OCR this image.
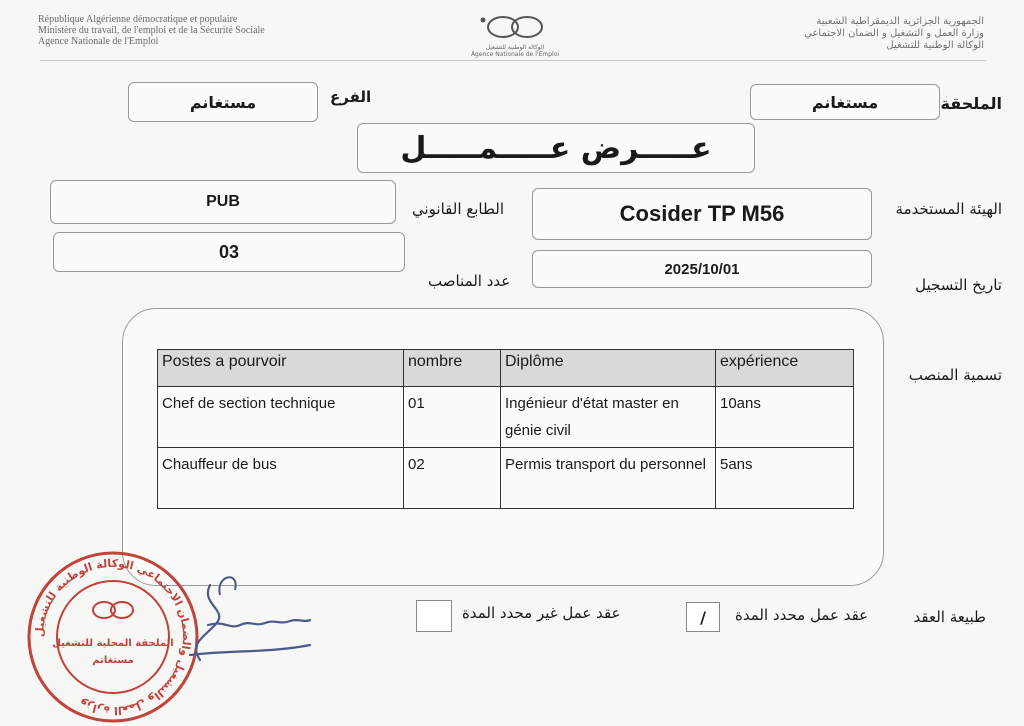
République Algérienne démocratique et populaire
Ministère du travail, de l'emploi et de la Sécurité Sociale
Agence Nationale de l'Emploi
الوكالة الوطنية للتشغيل
Agence Nationale de l'Emploi
الجمهورية الجزائرية الديمقراطية الشعبية
وزارة العمل و التشغيل و الضمان الاجتماعي
الوكالة الوطنية للتشغيل
الملحقة
مستغانم
الفرع
مستغانم
عـــــرض عـــــمـــــل
الهيئة المستخدمة
Cosider TP M56
الطابع القانوني
PUB
تاريخ التسجيل
2025/10/01
عدد المناصب
03
تسمية المنصب
Postes a pourvoir	nombre	Diplôme	expérience
Chef de section technique	01	Ingénieur d'état master en génie civil	10ans
Chauffeur de bus	02	Permis transport du personnel	5ans
طبيعة العقد
عقد عمل محدد المدة
/
عقد عمل غير محدد المدة
وزارة العمل والتشغيل والضمان الاجتماعي الوكالة الوطنية للتشغيل
الملحقة المحلية للتشغيل
مستغانم
